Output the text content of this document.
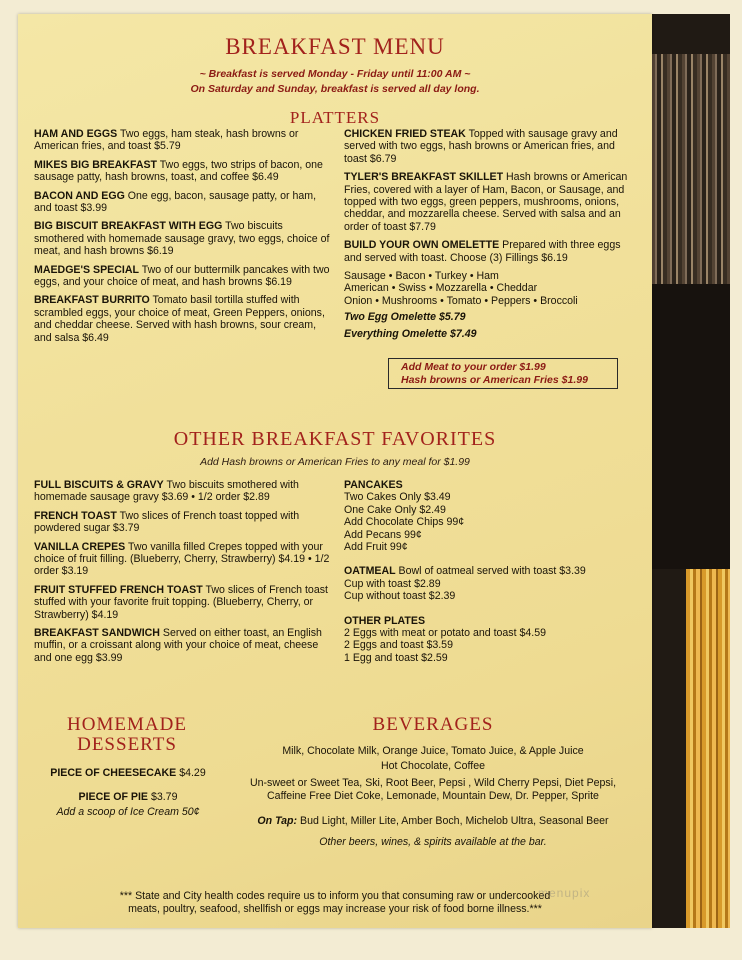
BREAKFAST MENU
~ Breakfast is served Monday - Friday until 11:00 AM ~
On Saturday and Sunday, breakfast is served all day long.
PLATTERS
HAM AND EGGS Two eggs, ham steak, hash browns or American fries, and toast $5.79
MIKES BIG BREAKFAST Two eggs, two strips of bacon, one sausage patty, hash browns, toast, and coffee $6.49
BACON AND EGG One egg, bacon, sausage patty, or ham, and toast $3.99
BIG BISCUIT BREAKFAST WITH EGG Two biscuits smothered with homemade sausage gravy, two eggs, choice of meat, and hash browns $6.19
MAEDGE'S SPECIAL Two of our buttermilk pancakes with two eggs, and your choice of meat, and hash browns $6.19
BREAKFAST BURRITO Tomato basil tortilla stuffed with scrambled eggs, your choice of meat, Green Peppers, onions, and cheddar cheese. Served with hash browns, sour cream, and salsa $6.49
CHICKEN FRIED STEAK Topped with sausage gravy and served with two eggs, hash browns or American fries, and toast $6.79
TYLER'S BREAKFAST SKILLET Hash browns or American Fries, covered with a layer of Ham, Bacon, or Sausage, and topped with two eggs, green peppers, mushrooms, onions, cheddar, and mozzarella cheese. Served with salsa and an order of toast $7.79
BUILD YOUR OWN OMELETTE Prepared with three eggs and served with toast. Choose (3) Fillings $6.19
Sausage • Bacon • Turkey • Ham
American • Swiss • Mozzarella • Cheddar
Onion • Mushrooms • Tomato • Peppers • Broccoli
Two Egg Omelette $5.79
Everything Omelette $7.49
Add Meat to your order $1.99
Hash browns or American Fries $1.99
OTHER BREAKFAST FAVORITES
Add Hash browns or American Fries to any meal for $1.99
FULL BISCUITS & GRAVY Two biscuits smothered with homemade sausage gravy $3.69 • 1/2 order $2.89
FRENCH TOAST Two slices of French toast topped with powdered sugar $3.79
VANILLA CREPES Two vanilla filled Crepes topped with your choice of fruit filling. (Blueberry, Cherry, Strawberry) $4.19 • 1/2 order $3.19
FRUIT STUFFED FRENCH TOAST Two slices of French toast stuffed with your favorite fruit topping. (Blueberry, Cherry, or Strawberry) $4.19
BREAKFAST SANDWICH Served on either toast, an English muffin, or a croissant along with your choice of meat, cheese and one egg $3.99
PANCAKES
Two Cakes Only $3.49
One Cake Only $2.49
Add Chocolate Chips 99¢
Add Pecans 99¢
Add Fruit 99¢
OATMEAL Bowl of oatmeal served with toast $3.39
Cup with toast $2.89
Cup without toast $2.39
OTHER PLATES
2 Eggs with meat or potato and toast $4.59
2 Eggs and toast $3.59
1 Egg and toast $2.59
HOMEMADE
DESSERTS
PIECE OF CHEESECAKE $4.29
PIECE OF PIE $3.79
Add a scoop of Ice Cream 50¢
BEVERAGES
Milk, Chocolate Milk, Orange Juice, Tomato Juice, & Apple Juice
Hot Chocolate, Coffee
Un-sweet or Sweet Tea, Ski, Root Beer, Pepsi , Wild Cherry Pepsi, Diet Pepsi,
Caffeine Free Diet Coke, Lemonade, Mountain Dew, Dr. Pepper, Sprite
On Tap: Bud Light, Miller Lite, Amber Boch, Michelob Ultra, Seasonal Beer
Other beers, wines, & spirits available at the bar.
*** State and City health codes require us to inform you that consuming raw or undercooked
meats, poultry, seafood, shellfish or eggs may increase your risk of food borne illness.***
menupix
